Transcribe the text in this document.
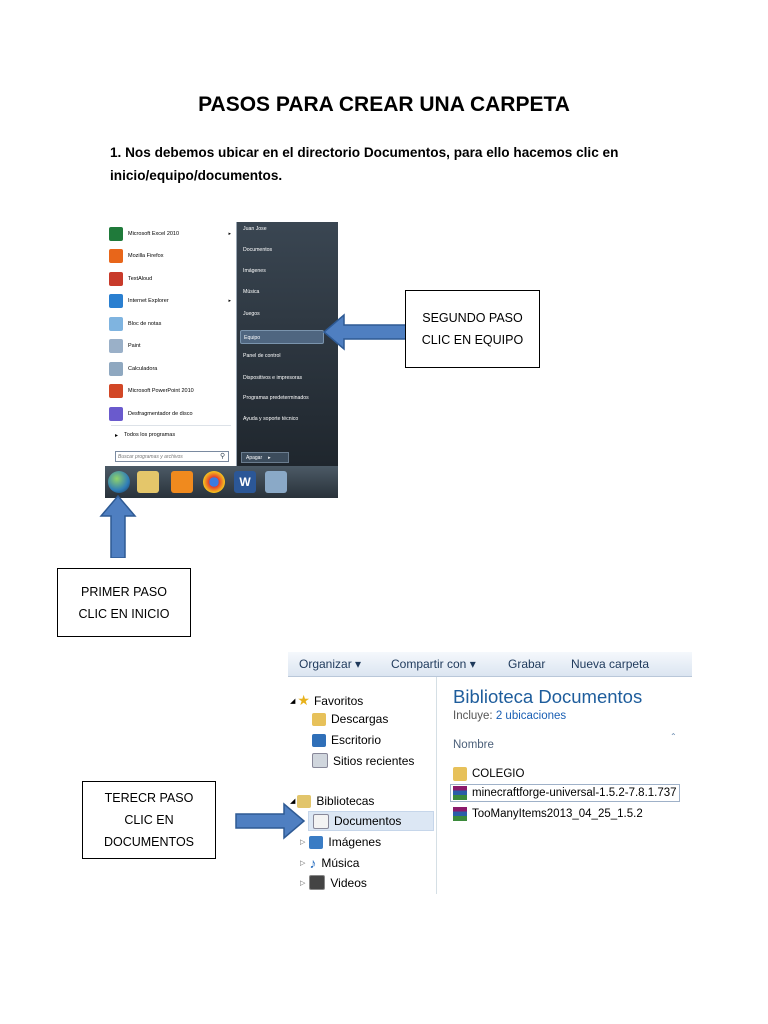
PASOS PARA CREAR UNA CARPETA
1. Nos debemos ubicar en el directorio Documentos, para ello hacemos clic en inicio/equipo/documentos.
Microsoft Excel 2010	▸
Mozilla Firefox
TextAloud
Internet Explorer	▸
Bloc de notas
Paint
Calculadora
Microsoft PowerPoint 2010
Desfragmentador de disco
▸ Todos los programas
Buscar programas y archivos	⚲
Juan Jose
Documentos
Imágenes
Música
Juegos
Equipo
Panel de control
Dispositivos e impresoras
Programas predeterminados
Ayuda y soporte técnico
Apagar ▸
W
SEGUNDO PASO
CLIC EN EQUIPO
PRIMER PASO
CLIC EN INICIO
Organizar ▾ Compartir con ▾	Grabar Nueva carpeta
◢ ★ Favoritos
Descargas
Escritorio
Sitios recientes
◢ Bibliotecas
Documentos
▷ Imágenes
▷ ♪ Música
▷ Videos
Biblioteca Documentos
Incluye: 2 ubicaciones
Nombre
⌃
COLEGIO
minecraftforge-universal-1.5.2-7.8.1.737
TooManyItems2013_04_25_1.5.2
TERECR PASO
CLIC EN
DOCUMENTOS
